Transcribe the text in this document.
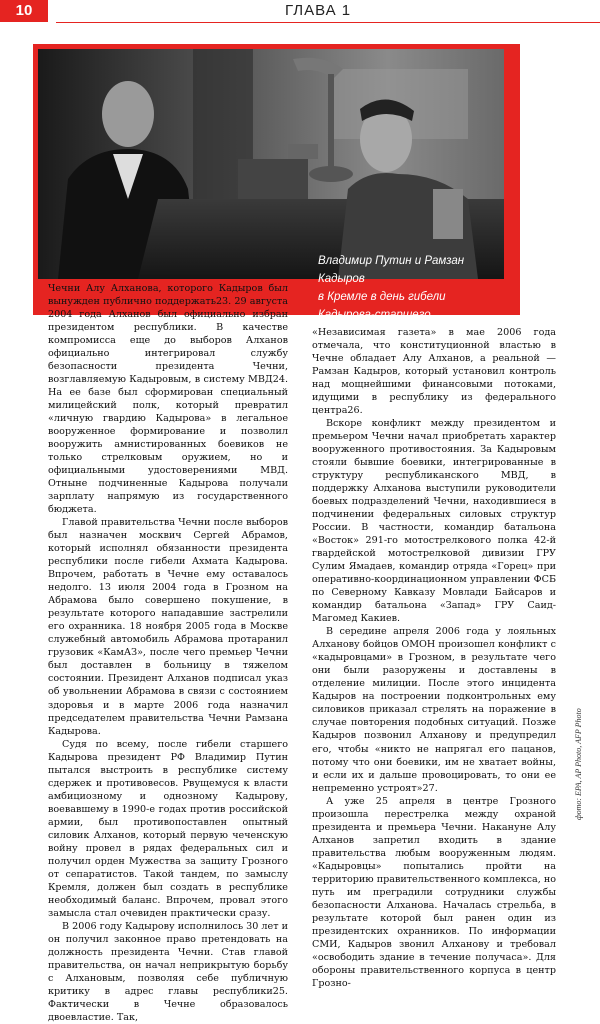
10	ГЛАВА 1
Владимир Путин и Рамзан Кадыров
в Кремле в день гибели
Кадырова-старшего

Чечни Алу Алханова, которого Кадыров был вынужден публично поддержать23. 29 августа 2004 года Алханов был официально избран президентом республики. В качестве компромисса еще до выборов Алханов официально интегрировал службу безопасности президента Чечни, возглавляемую Кадыровым, в систему МВД24. На ее базе был сформирован специальный милицейский полк, который превратил «личную гвардию Кадырова» в легальное вооруженное формирование и позволил вооружить амнистированных боевиков не только стрелковым оружием, но и официальными удостоверениями МВД. Отныне подчиненные Кадырова получали зарплату напрямую из государственного бюджета.

Главой правительства Чечни после выборов был назначен москвич Сергей Абрамов, который исполнял обязанности президента республики после гибели Ахмата Кадырова. Впрочем, работать в Чечне ему оставалось недолго. 13 июля 2004 года в Грозном на Абрамова было совершено покушение, в результате которого нападавшие застрелили его охранника. 18 ноября 2005 года в Москве служебный автомобиль Абрамова протаранил грузовик «КамАЗ», после чего премьер Чечни был доставлен в больницу в тяжелом состоянии. Президент Алханов подписал указ об увольнении Абрамова в связи с состоянием здоровья и в марте 2006 года назначил председателем правительства Чечни Рамзана Кадырова.

Судя по всему, после гибели старшего Кадырова президент РФ Владимир Путин пытался выстроить в республике систему сдержек и противовесов. Рвущемуся к власти амбициозному и однозному Кадырову, воевавшему в 1990-е годах против российской армии, был противопоставлен опытный силовик Алханов, который первую чеченскую войну провел в рядах федеральных сил и получил орден Мужества за защиту Грозного от сепаратистов. Такой тандем, по замыслу Кремля, должен был создать в республике необходимый баланс. Впрочем, провал этого замысла стал очевиден практически сразу.

В 2006 году Кадырову исполнилось 30 лет и он получил законное право претендовать на должность президента Чечни. Став главой правительства, он начал неприкрытую борьбу с Алхановым, позволяя себе публичную критику в адрес главы республики25. Фактически в Чечне образовалось двоевластие. Так,

«Независимая газета» в мае 2006 года отмечала, что конституционной властью в Чечне обладает Алу Алханов, а реальной — Рамзан Кадыров, который установил контроль над мощнейшими финансовыми потоками, идущими в республику из федерального центра26.

Вскоре конфликт между президентом и премьером Чечни начал приобретать характер вооруженного противостояния. За Кадыровым стояли бывшие боевики, интегрированные в структуру республиканского МВД, в поддержку Алханова выступили руководители боевых подразделений Чечни, находившиеся в подчинении федеральных силовых структур России. В частности, командир батальона «Восток» 291-го мотострелкового полка 42-й гвардейской мотострелковой дивизии ГРУ Сулим Ямадаев, командир отряда «Горец» при оперативно-координационном управлении ФСБ по Северному Кавказу Мовлади Байсаров и командир батальона «Запад» ГРУ Саид-Магомед Какиев.

В середине апреля 2006 года у лояльных Алханову бойцов ОМОН произошел конфликт с «кадыровцами» в Грозном, в результате чего они были разоружены и доставлены в отделение милиции. После этого инцидента Кадыров на построении подконтрольных ему силовиков приказал стрелять на поражение в случае повторения подобных ситуаций. Позже Кадыров позвонил Алханову и предупредил его, чтобы «никто не напрягал его пацанов, потому что они боевики, им не хватает войны, и если их и дальше провоцировать, то они ее непременно устроят»27.

А уже 25 апреля в центре Грозного произошла перестрелка между охраной президента и премьера Чечни. Накануне Алу Алханов запретил входить в здание правительства любым вооруженным людям. «Кадыровцы» попытались пройти на территорию правительственного комплекса, но путь им преградили сотрудники службы безопасности Алханова. Началась стрельба, в результате которой был ранен один из президентских охранников. По информации СМИ, Кадыров звонил Алханову и требовал «освободить здание в течение получаса». Для обороны правительственного корпуса в центр Грозно-

фото: EPA, AP Photo, AFP Photo
